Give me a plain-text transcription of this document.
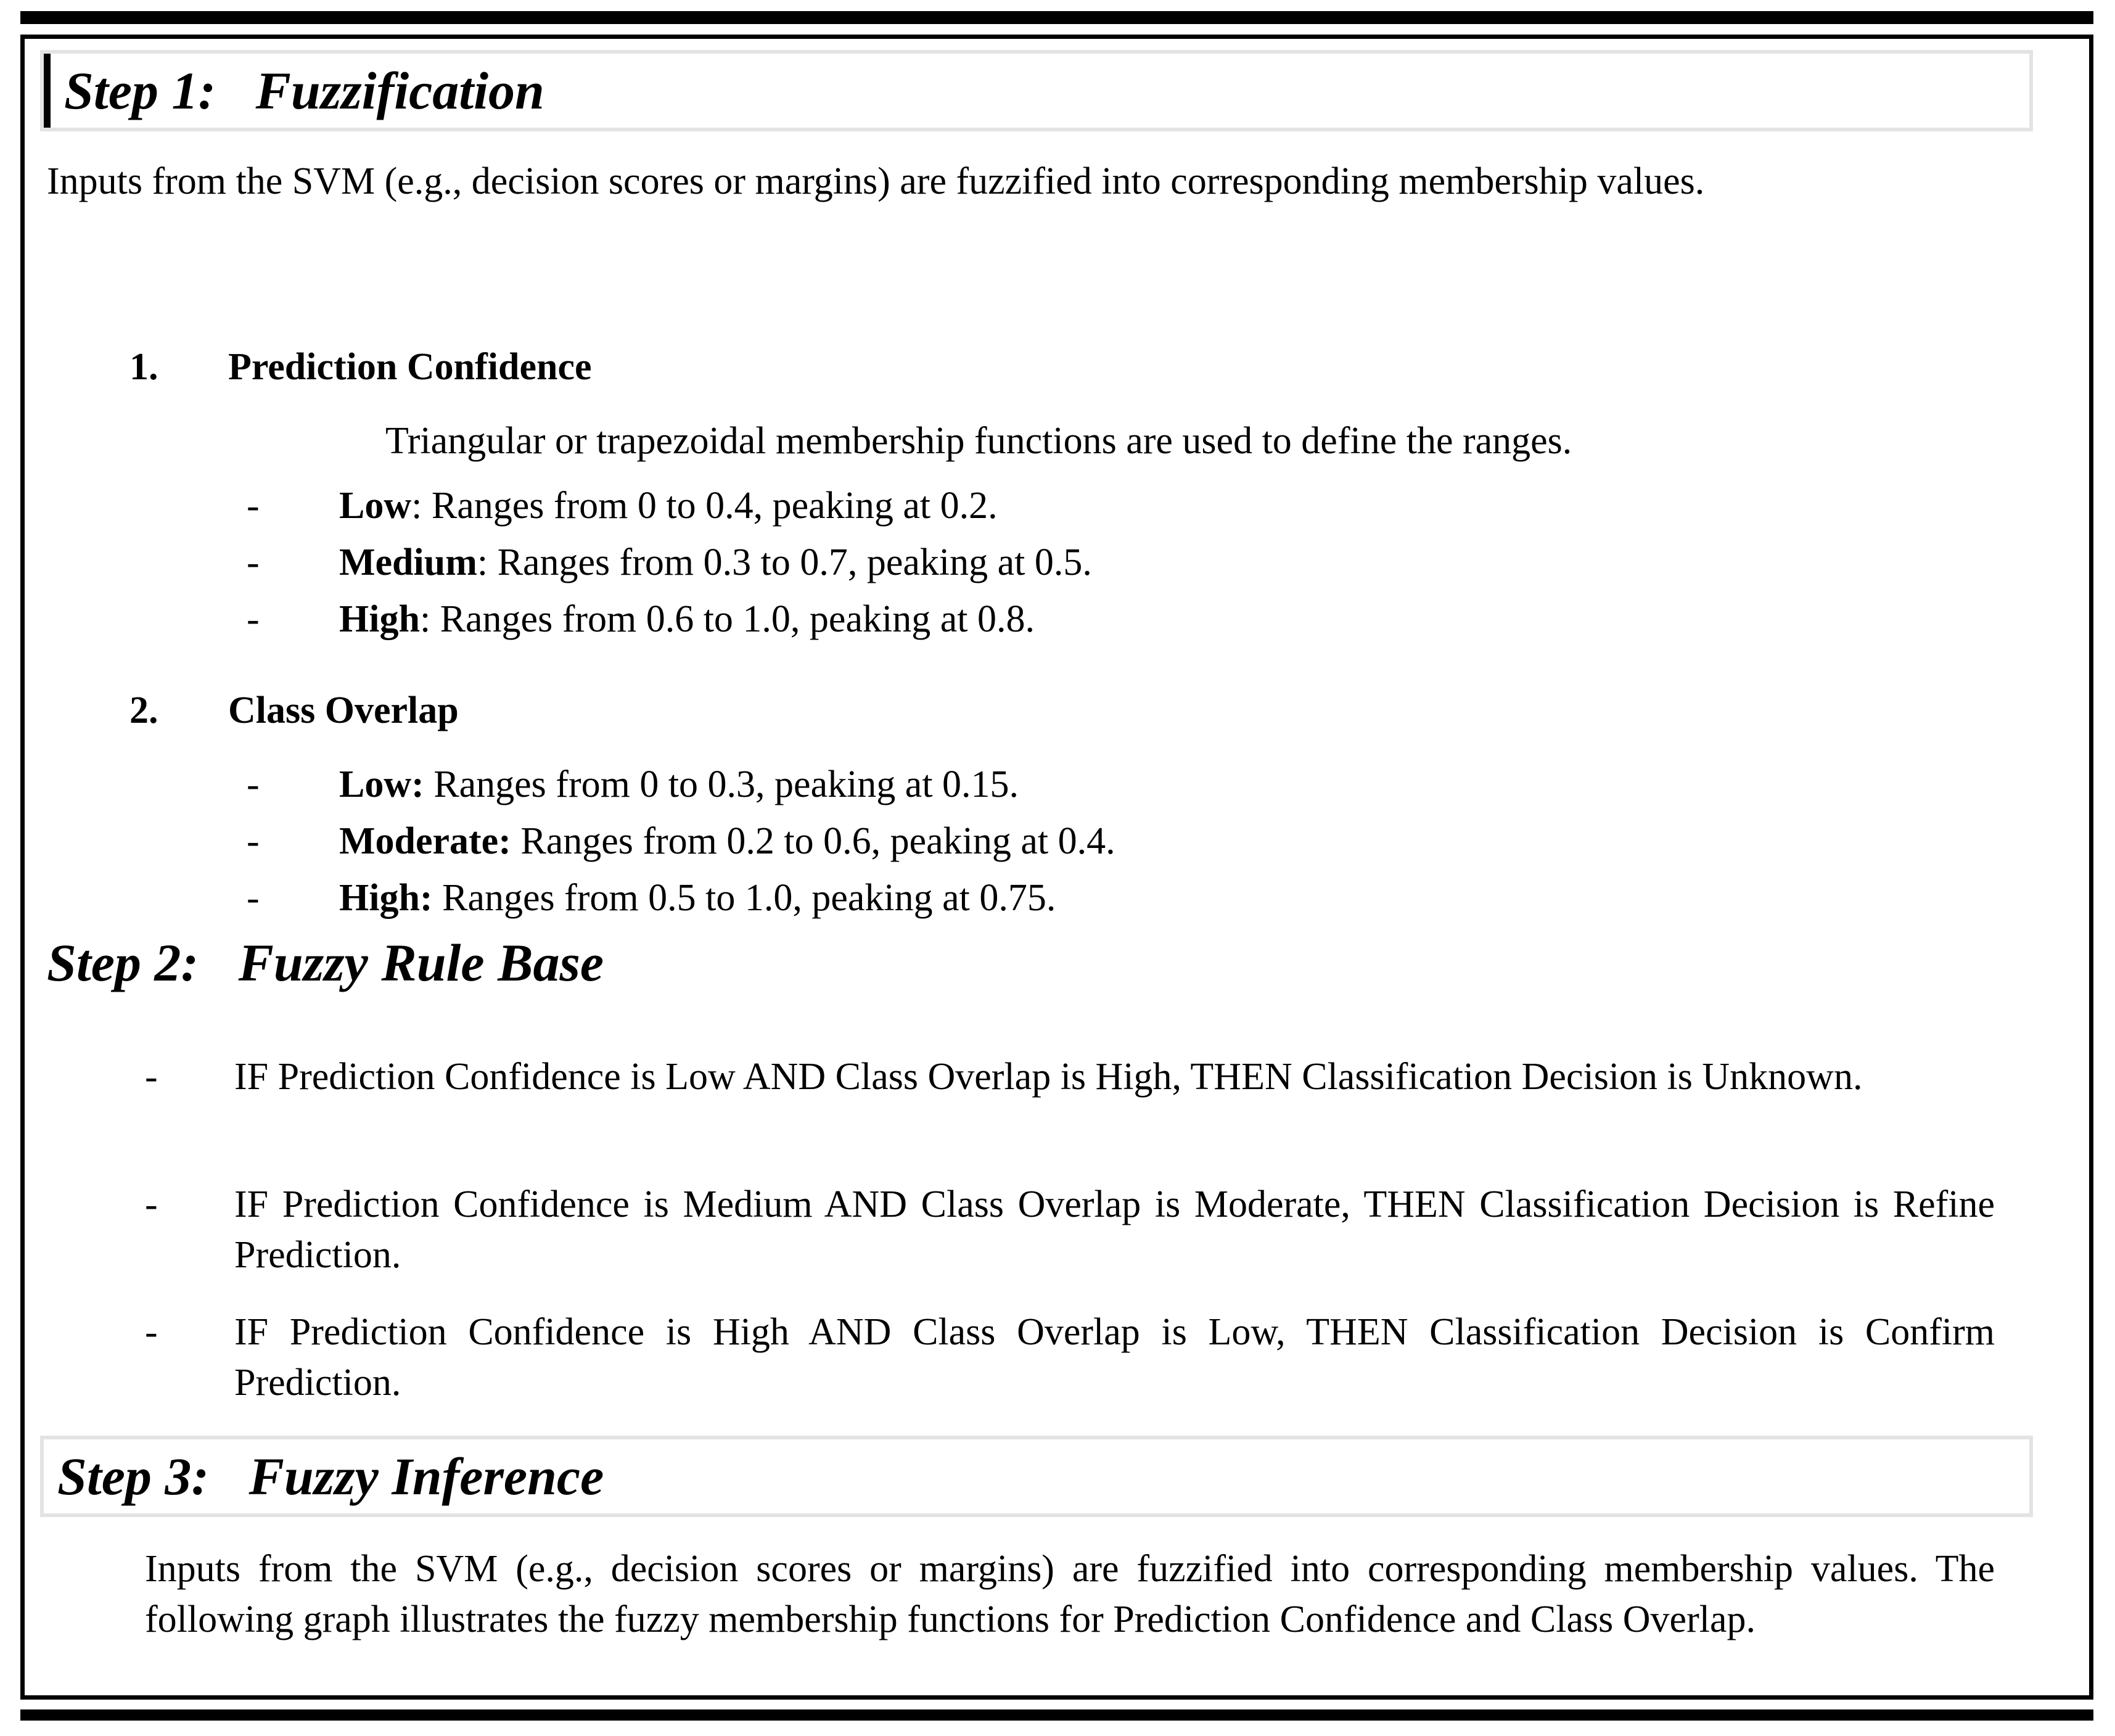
Step 1: Fuzzification
Inputs from the SVM (e.g., decision scores or margins) are fuzzified into corresponding membership values.
1. Prediction Confidence
Triangular or trapezoidal membership functions are used to define the ranges.
- Low: Ranges from 0 to 0.4, peaking at 0.2.
- Medium: Ranges from 0.3 to 0.7, peaking at 0.5.
- High: Ranges from 0.6 to 1.0, peaking at 0.8.
2. Class Overlap
- Low: Ranges from 0 to 0.3, peaking at 0.15.
- Moderate: Ranges from 0.2 to 0.6, peaking at 0.4.
- High: Ranges from 0.5 to 1.0, peaking at 0.75.
Step 2: Fuzzy Rule Base
-	IF Prediction Confidence is Low AND Class Overlap is High, THEN Classification Decision is Unknown.
-	IF Prediction Confidence is Medium AND Class Overlap is Moderate, THEN Classification Decision is Refine Prediction.
-	IF Prediction Confidence is High AND Class Overlap is Low, THEN Classification Decision is Confirm Prediction.
Step 3: Fuzzy Inference
Inputs from the SVM (e.g., decision scores or margins) are fuzzified into corresponding membership values. The following graph illustrates the fuzzy membership functions for Prediction Confidence and Class Overlap.
